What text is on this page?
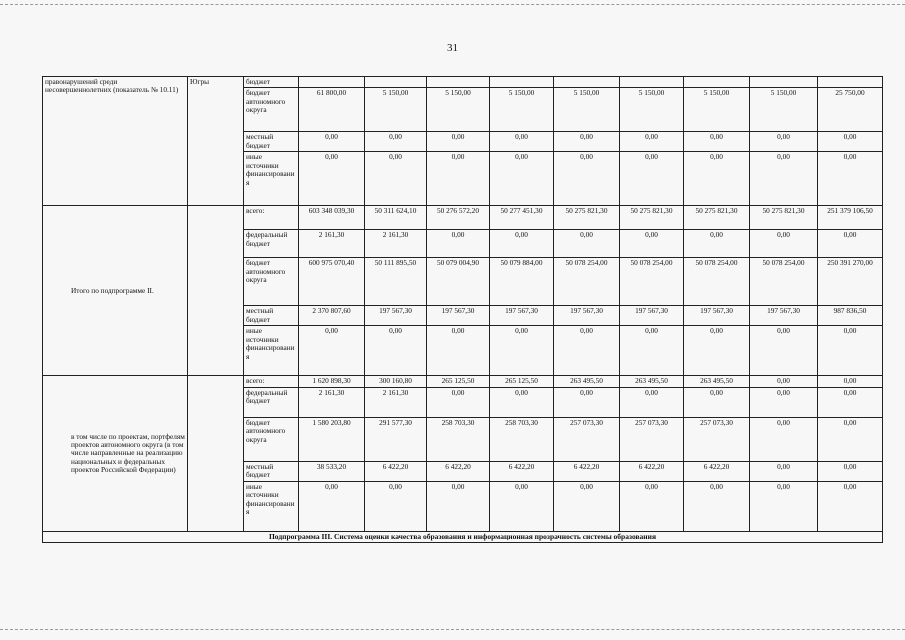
31
правонарушений среди несовершеннолетних (показатель № 10.11)	Югры	бюджет									
		бюджет автономного округа	61 800,00	5 150,00	5 150,00	5 150,00	5 150,00	5 150,00	5 150,00	5 150,00	25 750,00
		местный бюджет	0,00	0,00	0,00	0,00	0,00	0,00	0,00	0,00	0,00
		иные источники финансирования	0,00	0,00	0,00	0,00	0,00	0,00	0,00	0,00	0,00
Итого по подпрограмме II.		всего:	603 348 039,30	50 311 624,10	50 276 572,20	50 277 451,30	50 275 821,30	50 275 821,30	50 275 821,30	50 275 821,30	251 379 106,50
		федеральный бюджет	2 161,30	2 161,30	0,00	0,00	0,00	0,00	0,00	0,00	0,00
		бюджет автономного округа	600 975 070,40	50 111 895,50	50 079 004,90	50 079 884,00	50 078 254,00	50 078 254,00	50 078 254,00	50 078 254,00	250 391 270,00
		местный бюджет	2 370 807,60	197 567,30	197 567,30	197 567,30	197 567,30	197 567,30	197 567,30	197 567,30	987 836,50
		иные источники финансирования	0,00	0,00	0,00	0,00	0,00	0,00	0,00	0,00	0,00
в том числе по проектам, портфелям проектов автономного округа (в том числе направленные на реализацию национальных и федеральных проектов Российской Федерации)		всего:	1 620 898,30	300 160,80	265 125,50	265 125,50	263 495,50	263 495,50	263 495,50	0,00	0,00
		федеральный бюджет	2 161,30	2 161,30	0,00	0,00	0,00	0,00	0,00	0,00	0,00
		бюджет автономного округа	1 580 203,80	291 577,30	258 703,30	258 703,30	257 073,30	257 073,30	257 073,30	0,00	0,00
		местный бюджет	38 533,20	6 422,20	6 422,20	6 422,20	6 422,20	6 422,20	6 422,20	0,00	0,00
		иные источники финансирования	0,00	0,00	0,00	0,00	0,00	0,00	0,00	0,00	0,00
Подпрограмма III. Система оценки качества образования и информационная прозрачность системы образования											
